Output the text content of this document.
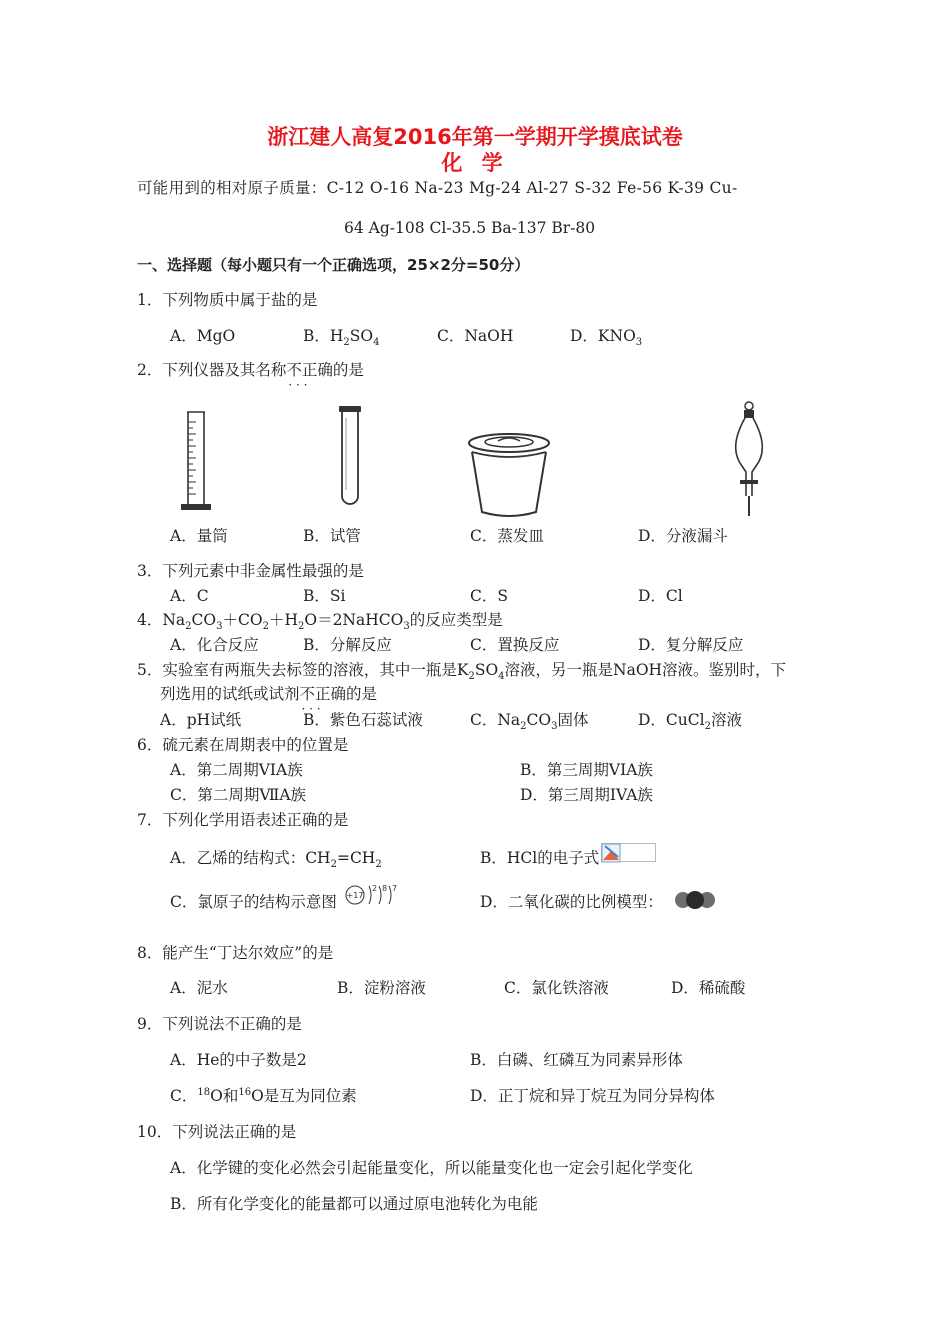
浙江建人高复2016年第一学期开学摸底试卷
化 学
可能用到的相对原子质量：C-12 O-16 Na-23 Mg-24 Al-27 S-32 Fe-56 K-39 Cu-
64 Ag-108 Cl-35.5 Ba-137 Br-80
一、选择题（每小题只有一个正确选项，25×2分=50分）
1．下列物质中属于盐的是
A．MgO	B．$H_2SO_4$	C．NaOH	D．$KNO_3$
2．下列仪器及其名称不正确 · · ·的是
A．量筒	B．试管	C．蒸发皿	D．分液漏斗
3．下列元素中非金属性最强的是
A．C	B．Si	C．S	D．Cl
4．$Na_2CO_3+CO_2+H_2O=2NaHCO_3$的反应类型是
A．化合反应	B．分解反应	C．置换反应	D．复分解反应
5．实验室有两瓶失去标签的溶液，其中一瓶是$K_2SO_4$溶液，另一瓶是NaOH溶液。鉴别时，下
列选用的试纸或试剂不正确 · · ·的是
A．pH试纸	B．紫色石蕊试液	C．$Na_2CO_3$固体	D．CuCl$_2$溶液
6．硫元素在周期表中的位置是
A．第二周期VIA族	B．第三周期VIA族
C．第二周期ⅦA族	D．第三周期IVA族
7．下列化学用语表述正确的是
A．乙烯的结构式：$CH_2=CH_2$	B．HCl的电子式
C．氯原子的结构示意图 +17
2 8 7
D．二氧化碳的比例模型：
8．能产生“丁达尔效应”的是
A．泥水	B．淀粉溶液	C．氯化铁溶液	D．稀硫酸
9．下列说法不正确的是
A．He的中子数是2	B．白磷、红磷互为同素异形体
C．$^{18}$O和$^{16}$O是互为同位素	D．正丁烷和异丁烷互为同分异构体
10．下列说法正确的是
A．化学键的变化必然会引起能量变化，所以能量变化也一定会引起化学变化
B．所有化学变化的能量都可以通过原电池转化为电能
